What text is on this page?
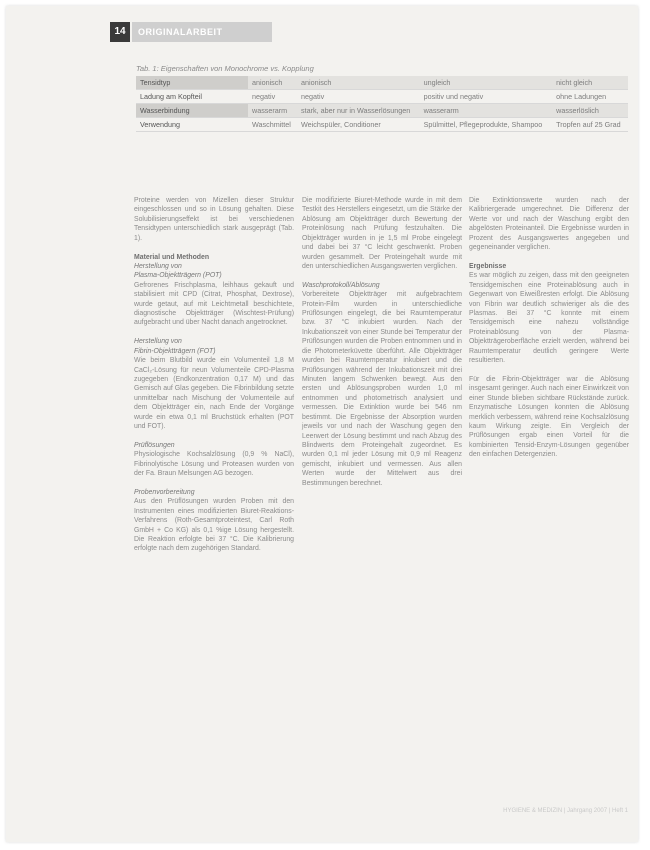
14	ORIGINALARBEIT
Tab. 1: Eigenschaften von Monochrome vs. Kopplung
Tensidtyp	anionisch	anionisch	ungleich	nicht gleich
Ladung am Kopfteil	negativ	negativ	positiv und negativ	ohne Ladungen
Wasserbindung	wasserarm	stark, aber nur in Wasserlösungen	wasserarm	wasserlöslich
Verwendung	Waschmittel	Weichspüler, Conditioner	Spülmittel, Pflegeprodukte, Shampoo	Tropfen auf 25 Grad

Proteine werden von Mizellen dieser Struktur eingeschlossen und so in Lösung gehalten. Diese Solubilisierungseffekt ist bei verschiedenen Tensidtypen unterschiedlich stark ausgeprägt (Tab. 1).

Material und Methoden
Herstellung von
Plasma-Objektträgern (POT)

Gefrorenes Frischplasma, leihhaus gekauft und stabilisiert mit CPD (Citrat, Phosphat, Dextrose), wurde getaut, auf mit Leichtmetall beschichtete, diagnostische Objektträger (Wischtest-Prüfung) aufgebracht und über Nacht danach angetrocknet.

Herstellung von
Fibrin-Objektträgern (FOT)

Wie beim Blutbild wurde ein Volumenteil 1,8 M CaCl₂-Lösung für neun Volumenteile CPD-Plasma zugegeben (Endkonzentration 0,17 M) und das Gemisch auf Glas gegeben. Die Fibrinbildung setzte unmittelbar nach Mischung der Volumenteile auf dem Objektträger ein, nach Ende der Vorgänge wurde ein etwa 0,1 ml Bruchstück erhalten (POT und FOT).

Prüflösungen

Physiologische Kochsalzlösung (0,9 % NaCl), Fibrinolytische Lösung und Proteasen wurden von der Fa. Braun Melsungen AG bezogen.

Probenvorbereitung

Aus den Prüflösungen wurden Proben mit den Instrumenten eines modifizierten Biuret-Reaktions-Verfahrens (Roth-Gesamtproteintest, Carl Roth GmbH + Co KG) als 0,1 %ige Lösung hergestellt. Die Reaktion erfolgte bei 37 °C. Die Kalibrierung erfolgte nach dem zugehörigen Standard.

Die modifizierte Biuret-Methode wurde in mit dem Testkit des Herstellers eingesetzt, um die Stärke der Ablösung am Objektträger durch Bewertung der Proteinlösung nach Prüfung festzuhalten. Die Objektträger wurden in je 1,5 ml Probe eingelegt und dabei bei 37 °C leicht geschwenkt. Proben wurden gesammelt. Der Proteingehalt wurde mit den unterschiedlichen Ausgangswerten verglichen.

Waschprotokoll/Ablösung

Vorbereitete Objektträger mit aufgebrachtem Protein-Film wurden in unterschiedliche Prüflösungen eingelegt, die bei Raumtemperatur bzw. 37 °C inkubiert wurden. Nach der Inkubationszeit von einer Stunde bei Temperatur der Prüflösungen wurden die Proben entnommen und in die Photometerküvette überführt. Alle Objektträger wurden bei Raumtemperatur inkubiert und die Prüflösungen während der Inkubationszeit mit drei Minuten langem Schwenken bewegt. Aus den ersten und Ablösungsproben wurden 1,0 ml entnommen und photometrisch analysiert und vermessen. Die Extinktion wurde bei 546 nm bestimmt. Die Ergebnisse der Absorption wurden jeweils vor und nach der Waschung gegen den Leerwert der Lösung bestimmt und nach Abzug des Blindwerts dem Proteingehalt zugeordnet. Es wurden 0,1 ml jeder Lösung mit 0,9 ml Reagenz gemischt, inkubiert und vermessen. Aus allen Werten wurde der Mittelwert aus drei Bestimmungen berechnet.

Die Extinktionswerte wurden nach der Kalibriergerade umgerechnet. Die Differenz der Werte vor und nach der Waschung ergibt den abgelösten Proteinanteil. Die Ergebnisse wurden in Prozent des Ausgangswertes angegeben und gegeneinander verglichen.

Ergebnisse

Es war möglich zu zeigen, dass mit den geeigneten Tensidgemischen eine Proteinablösung auch in Gegenwart von Eiweißresten erfolgt. Die Ablösung von Fibrin war deutlich schwieriger als die des Plasmas. Bei 37 °C konnte mit einem Tensidgemisch eine nahezu vollständige Proteinablösung von der Plasma-Objektträgeroberfläche erzielt werden, während bei Raumtemperatur deutlich geringere Werte resultierten.

Für die Fibrin-Objektträger war die Ablösung insgesamt geringer. Auch nach einer Einwirkzeit von einer Stunde blieben sichtbare Rückstände zurück. Enzymatische Lösungen konnten die Ablösung merklich verbessern, während reine Kochsalzlösung kaum Wirkung zeigte. Ein Vergleich der Prüflösungen ergab einen Vorteil für die kombinierten Tensid-Enzym-Lösungen gegenüber den einfachen Detergenzien.

HYGIENE & MEDIZIN | Jahrgang 2007 | Heft 1
